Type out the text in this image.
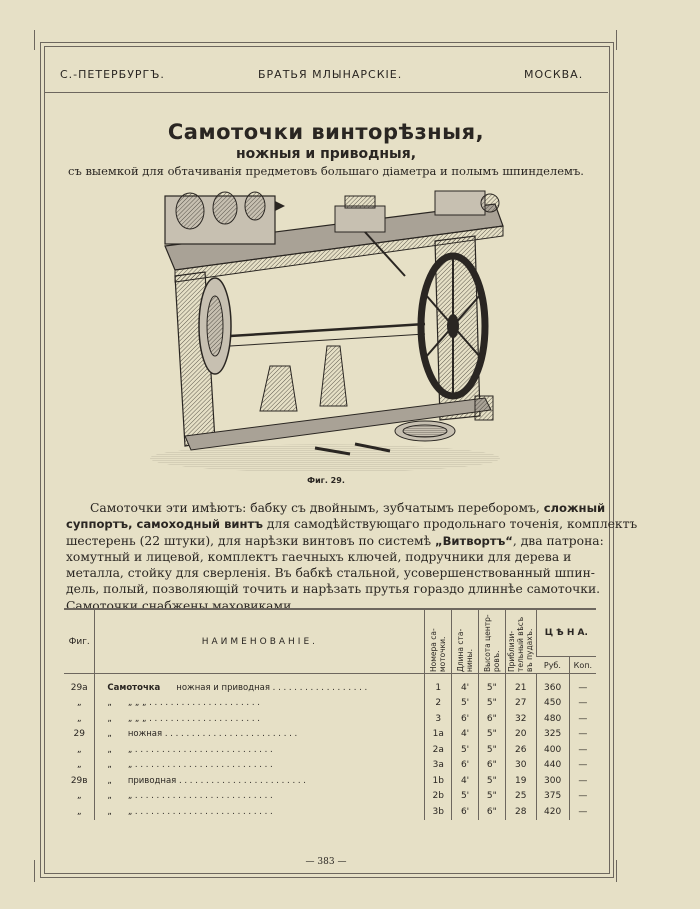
С.-ПЕТЕРБУРГЪ.	БРАТЬЯ МЛЫНАРСКІЕ.	МОСКВА.
Самоточки винторѣзныя,
ножныя и приводныя,
съ выемкой для обтачиванія предметовъ большаго діаметра и полымъ шпинделемъ.
Фиг. 29.
Самоточки эти имѣютъ: бабку съ двойнымъ, зубчатымъ переборомъ, сложный
суппортъ, самоходный винтъ для самодѣйствующаго продольнаго точенія, комплектъ
шестерень (22 штуки), для нарѣзки винтовъ по системѣ „Витвортъ“, два патрона:
хомутный и лицевой, комплектъ гаечныхъ ключей, подручники для дерева и
металла, стойку для сверленія. Въ бабкѣ стальной, усовершенствованный шпин-
дель, полый, позволяющій точить и нарѣзать прутья гораздо длиннѣе самоточки.
Самоточки снабжены маховиками.
Фиг.	НАИМЕНОВАНІЕ.	Номера са- моточки.	Длина ста- нины.	Высота центр- ровъ.	Приблизи- тельный вѣсъ въ пудахъ.	Ц Ѣ Н А.	
						Руб.	Коп.
29а	Самоточка ножная и приводная . . . . . . . . . . . . . . . . . .	1	4'	5"	21	360	—
„	„ „ „ „ . . . . . . . . . . . . . . . . . . . . .	2	5'	5"	27	450	—
„	„ „ „ „ . . . . . . . . . . . . . . . . . . . . .	3	6'	6"	32	480	—
29	„ ножная . . . . . . . . . . . . . . . . . . . . . . . . .	1а	4'	5"	20	325	—
„	„ „ . . . . . . . . . . . . . . . . . . . . . . . . . .	2а	5'	5"	26	400	—
„	„ „ . . . . . . . . . . . . . . . . . . . . . . . . . .	3а	6'	6"	30	440	—
29в	„ приводная . . . . . . . . . . . . . . . . . . . . . . . .	1b	4'	5"	19	300	—
„	„ „ . . . . . . . . . . . . . . . . . . . . . . . . . .	2b	5'	5"	25	375	—
„	„ „ . . . . . . . . . . . . . . . . . . . . . . . . . .	3b	6'	6"	28	420	—
— 383 —
